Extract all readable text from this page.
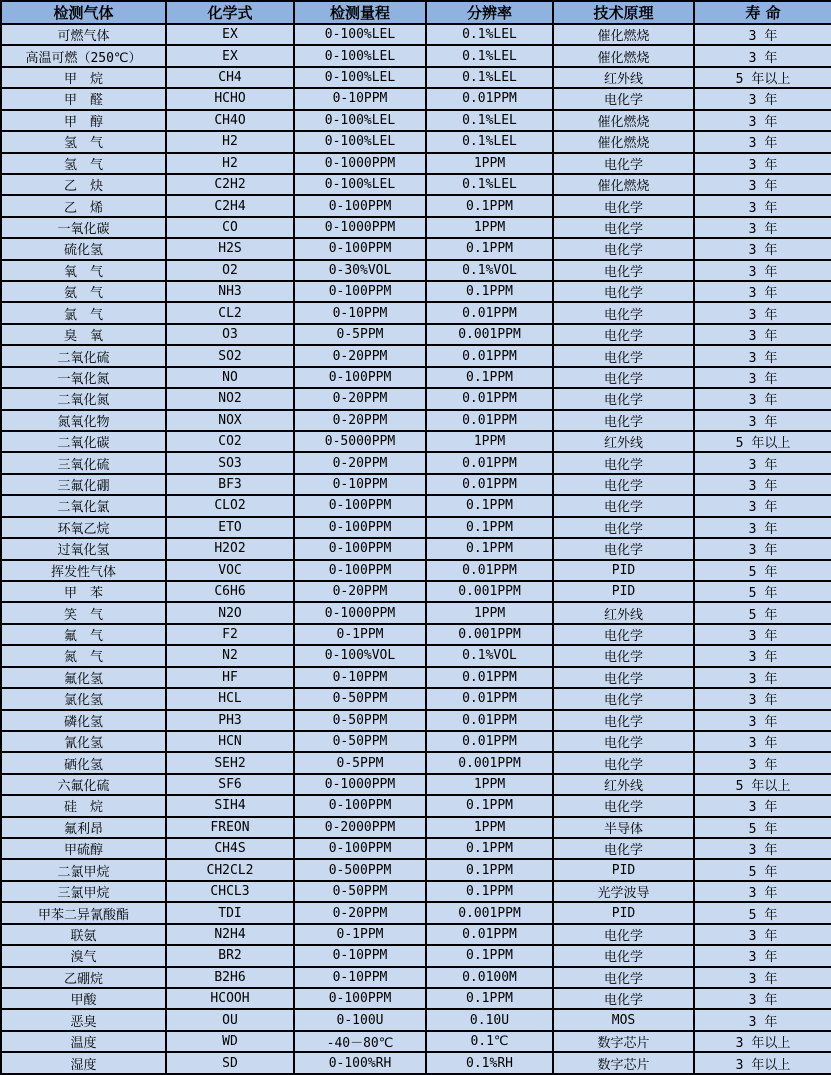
检测气体	化学式	检测量程	分辨率	技术原理	寿 命
可燃气体	EX	0-100%LEL	0.1%LEL	催化燃烧	3 年
高温可燃（250℃）	EX	0-100%LEL	0.1%LEL	催化燃烧	3 年
甲　烷	CH4	0-100%LEL	0.1%LEL	红外线	5 年以上
甲　醛	HCHO	0-10PPM	0.01PPM	电化学	3 年
甲　醇	CH4O	0-100%LEL	0.1%LEL	催化燃烧	3 年
氢　气	H2	0-100%LEL	0.1%LEL	催化燃烧	3 年
氢　气	H2	0-1000PPM	1PPM	电化学	3 年
乙　炔	C2H2	0-100%LEL	0.1%LEL	催化燃烧	3 年
乙　烯	C2H4	0-100PPM	0.1PPM	电化学	3 年
一氧化碳	CO	0-1000PPM	1PPM	电化学	3 年
硫化氢	H2S	0-100PPM	0.1PPM	电化学	3 年
氧　气	O2	0-30%VOL	0.1%VOL	电化学	3 年
氨　气	NH3	0-100PPM	0.1PPM	电化学	3 年
氯　气	CL2	0-10PPM	0.01PPM	电化学	3 年
臭　氧	O3	0-5PPM	0.001PPM	电化学	3 年
二氧化硫	SO2	0-20PPM	0.01PPM	电化学	3 年
一氧化氮	NO	0-100PPM	0.1PPM	电化学	3 年
二氧化氮	NO2	0-20PPM	0.01PPM	电化学	3 年
氮氧化物	NOX	0-20PPM	0.01PPM	电化学	3 年
二氧化碳	CO2	0-5000PPM	1PPM	红外线	5 年以上
三氧化硫	SO3	0-20PPM	0.01PPM	电化学	3 年
三氟化硼	BF3	0-10PPM	0.01PPM	电化学	3 年
二氧化氯	CLO2	0-100PPM	0.1PPM	电化学	3 年
环氧乙烷	ETO	0-100PPM	0.1PPM	电化学	3 年
过氧化氢	H2O2	0-100PPM	0.1PPM	电化学	3 年
挥发性气体	VOC	0-100PPM	0.01PPM	PID	5 年
甲　苯	C6H6	0-20PPM	0.001PPM	PID	5 年
笑　气	N2O	0-1000PPM	1PPM	红外线	5 年
氟　气	F2	0-1PPM	0.001PPM	电化学	3 年
氮　气	N2	0-100%VOL	0.1%VOL	电化学	3 年
氟化氢	HF	0-10PPM	0.01PPM	电化学	3 年
氯化氢	HCL	0-50PPM	0.01PPM	电化学	3 年
磷化氢	PH3	0-50PPM	0.01PPM	电化学	3 年
氰化氢	HCN	0-50PPM	0.01PPM	电化学	3 年
硒化氢	SEH2	0-5PPM	0.001PPM	电化学	3 年
六氟化硫	SF6	0-1000PPM	1PPM	红外线	5 年以上
硅　烷	SIH4	0-100PPM	0.1PPM	电化学	3 年
氟利昂	FREON	0-2000PPM	1PPM	半导体	5 年
甲硫醇	CH4S	0-100PPM	0.1PPM	电化学	3 年
二氯甲烷	CH2CL2	0-500PPM	0.1PPM	PID	5 年
三氯甲烷	CHCL3	0-50PPM	0.1PPM	光学波导	3 年
甲苯二异氰酸酯	TDI	0-20PPM	0.001PPM	PID	5 年
联氨	N2H4	0-1PPM	0.01PPM	电化学	3 年
溴气	BR2	0-10PPM	0.1PPM	电化学	3 年
乙硼烷	B2H6	0-10PPM	0.0100M	电化学	3 年
甲酸	HCOOH	0-100PPM	0.1PPM	电化学	3 年
恶臭	OU	0-100U	0.10U	MOS	3 年
温度	WD	-40－80℃	0.1℃	数字芯片	3 年以上
湿度	SD	0-100%RH	0.1%RH	数字芯片	3 年以上
